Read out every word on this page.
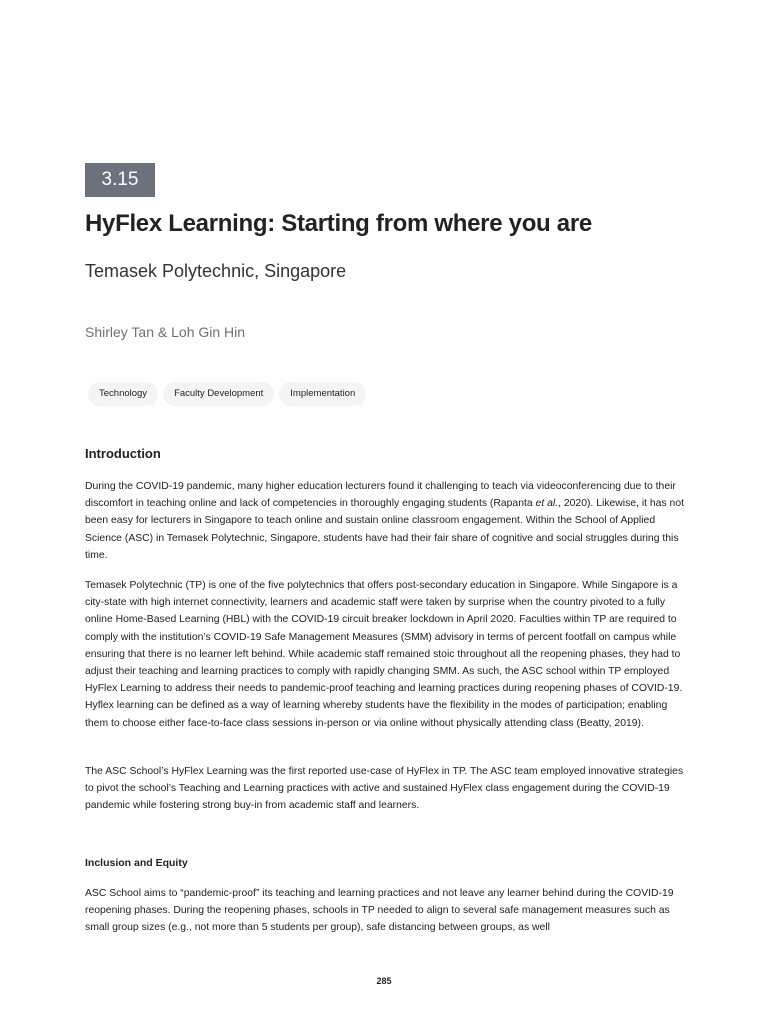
3.15
HyFlex Learning: Starting from where you are
Temasek Polytechnic, Singapore
Shirley Tan & Loh Gin Hin
Technology	Faculty Development	Implementation
Introduction

During the COVID-19 pandemic, many higher education lecturers found it challenging to teach via videoconferencing due to their discomfort in teaching online and lack of competencies in thoroughly engaging students (Rapanta et al., 2020). Likewise, it has not been easy for lecturers in Singapore to teach online and sustain online classroom engagement. Within the School of Applied Science (ASC) in Temasek Polytechnic, Singapore, students have had their fair share of cognitive and social struggles during this time.

Temasek Polytechnic (TP) is one of the five polytechnics that offers post-secondary education in Singapore. While Singapore is a city-state with high internet connectivity, learners and academic staff were taken by surprise when the country pivoted to a fully online Home-Based Learning (HBL) with the COVID-19 circuit breaker lockdown in April 2020. Faculties within TP are required to comply with the institution’s COVID-19 Safe Management Measures (SMM) advisory in terms of percent footfall on campus while ensuring that there is no learner left behind. While academic staff remained stoic throughout all the reopening phases, they had to adjust their teaching and learning practices to comply with rapidly changing SMM. As such, the ASC school within TP employed HyFlex Learning to address their needs to pandemic-proof teaching and learning practices during reopening phases of COVID-19. Hyflex learning can be defined as a way of learning whereby students have the flexibility in the modes of participation; enabling them to choose either face-to-face class sessions in-person or via online without physically attending class (Beatty, 2019).

The ASC School’s HyFlex Learning was the first reported use-case of HyFlex in TP. The ASC team employed innovative strategies to pivot the school’s Teaching and Learning practices with active and sustained HyFlex class engagement during the COVID-19 pandemic while fostering strong buy-in from academic staff and learners.

Inclusion and Equity

ASC School aims to “pandemic-proof” its teaching and learning practices and not leave any learner behind during the COVID-19 reopening phases. During the reopening phases, schools in TP needed to align to several safe management measures such as small group sizes (e.g., not more than 5 students per group), safe distancing between groups, as well

285
